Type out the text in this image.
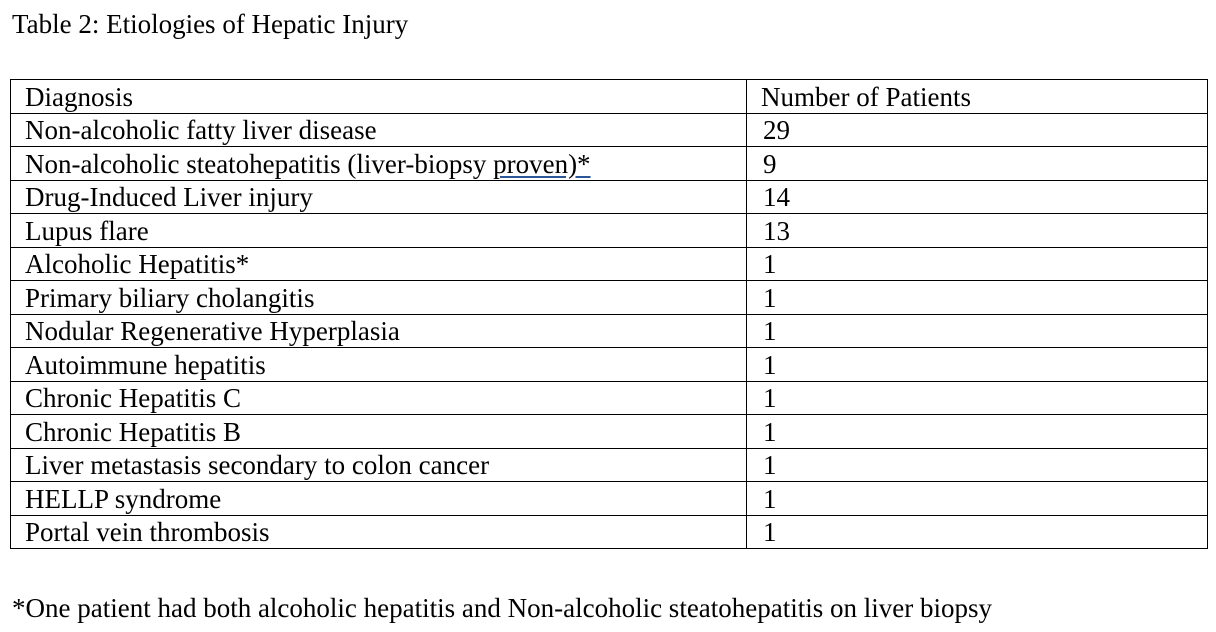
Table 2: Etiologies of Hepatic Injury
Diagnosis	Number of Patients
Non-alcoholic fatty liver disease	29
Non-alcoholic steatohepatitis (liver-biopsy proven)*	9
Drug-Induced Liver injury	14
Lupus flare	13
Alcoholic Hepatitis*	1
Primary biliary cholangitis	1
Nodular Regenerative Hyperplasia	1
Autoimmune hepatitis	1
Chronic Hepatitis C	1
Chronic Hepatitis B	1
Liver metastasis secondary to colon cancer	1
HELLP syndrome	1
Portal vein thrombosis	1
*One patient had both alcoholic hepatitis and Non-alcoholic steatohepatitis on liver biopsy
